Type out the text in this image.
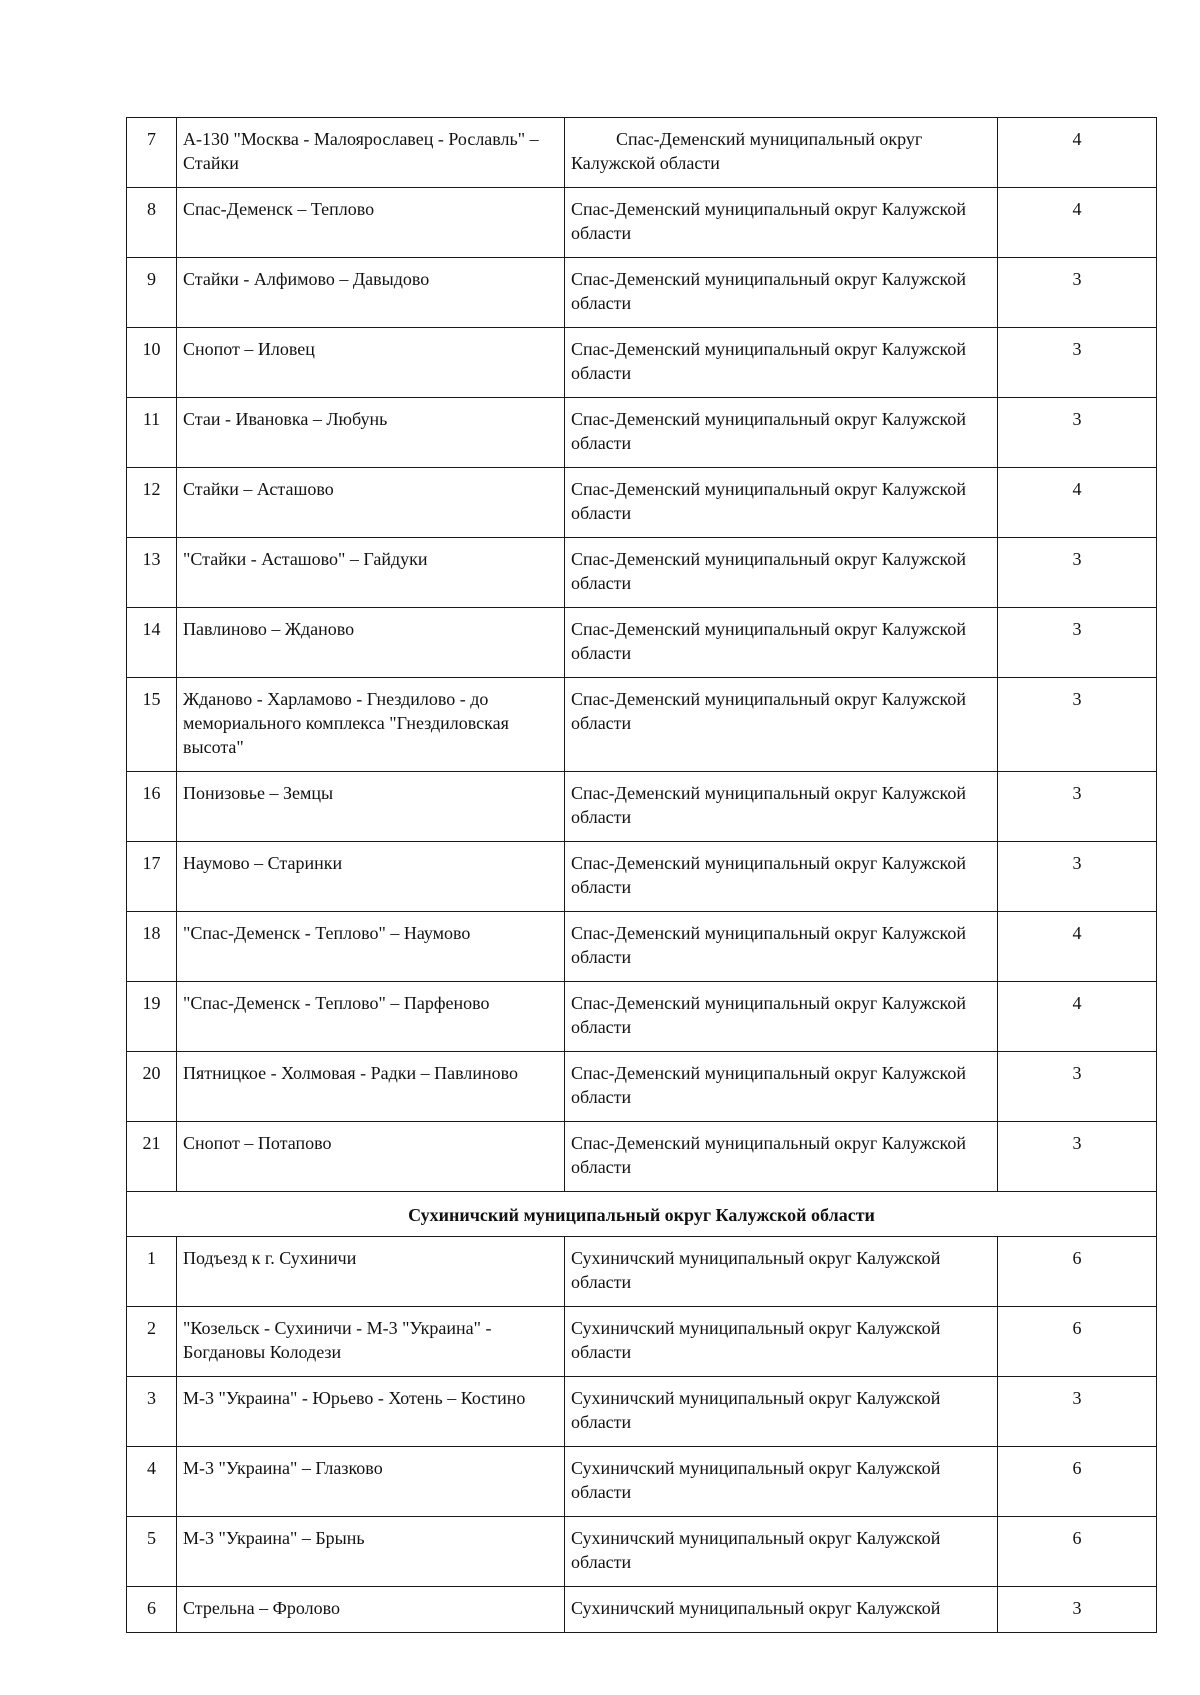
7	А-130 "Москва - Малоярославец - Рославль" – Стайки	Спас-Деменский муниципальный округ Калужской области	4
8	Спас-Деменск – Теплово	Спас-Деменский муниципальный округ Калужской области	4
9	Стайки - Алфимово – Давыдово	Спас-Деменский муниципальный округ Калужской области	3
10	Снопот – Иловец	Спас-Деменский муниципальный округ Калужской области	3
11	Стаи - Ивановка – Любунь	Спас-Деменский муниципальный округ Калужской области	3
12	Стайки – Асташово	Спас-Деменский муниципальный округ Калужской области	4
13	"Стайки - Асташово" – Гайдуки	Спас-Деменский муниципальный округ Калужской области	3
14	Павлиново – Жданово	Спас-Деменский муниципальный округ Калужской области	3
15	Жданово - Харламово - Гнездилово - до мемориального комплекса "Гнездиловская высота"	Спас-Деменский муниципальный округ Калужской области	3
16	Понизовье – Земцы	Спас-Деменский муниципальный округ Калужской области	3
17	Наумово – Старинки	Спас-Деменский муниципальный округ Калужской области	3
18	"Спас-Деменск - Теплово" – Наумово	Спас-Деменский муниципальный округ Калужской области	4
19	"Спас-Деменск - Теплово" – Парфеново	Спас-Деменский муниципальный округ Калужской области	4
20	Пятницкое - Холмовая - Радки – Павлиново	Спас-Деменский муниципальный округ Калужской области	3
21	Снопот – Потапово	Спас-Деменский муниципальный округ Калужской области	3
Сухиничский муниципальный округ Калужской области			
1	Подъезд к г. Сухиничи	Сухиничский муниципальный округ Калужской области	6
2	"Козельск - Сухиничи - М-3 "Украина" - Богдановы Колодези	Сухиничский муниципальный округ Калужской области	6
3	М-3 "Украина" - Юрьево - Хотень – Костино	Сухиничский муниципальный округ Калужской области	3
4	М-3 "Украина" – Глазково	Сухиничский муниципальный округ Калужской области	6
5	М-3 "Украина" – Брынь	Сухиничский муниципальный округ Калужской области	6
6	Стрельна – Фролово	Сухиничский муниципальный округ Калужской	3
